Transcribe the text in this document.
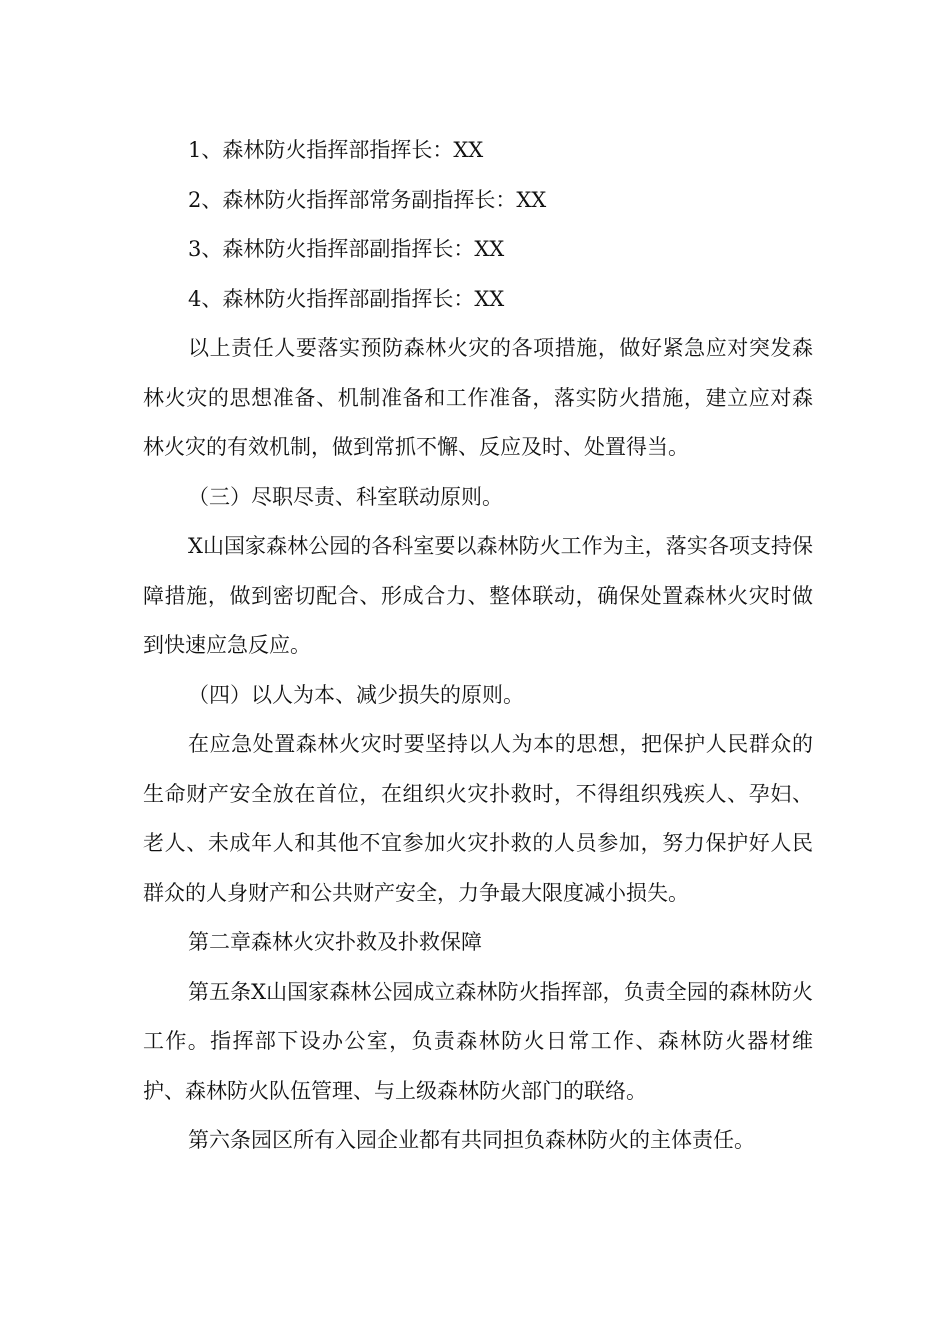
1、森林防火指挥部指挥长：XX

2、森林防火指挥部常务副指挥长：XX

3、森林防火指挥部副指挥长：XX

4、森林防火指挥部副指挥长：XX

以上责任人要落实预防森林火灾的各项措施，做好紧急应对突发森林火灾的思想准备、机制准备和工作准备，落实防火措施，建立应对森林火灾的有效机制，做到常抓不懈、反应及时、处置得当。

（三）尽职尽责、科室联动原则。

X山国家森林公园的各科室要以森林防火工作为主，落实各项支持保障措施，做到密切配合、形成合力、整体联动，确保处置森林火灾时做到快速应急反应。

（四）以人为本、减少损失的原则。

在应急处置森林火灾时要坚持以人为本的思想，把保护人民群众的生命财产安全放在首位，在组织火灾扑救时，不得组织残疾人、孕妇、老人、未成年人和其他不宜参加火灾扑救的人员参加，努力保护好人民群众的人身财产和公共财产安全，力争最大限度减小损失。

第二章森林火灾扑救及扑救保障

第五条X山国家森林公园成立森林防火指挥部，负责全园的森林防火工作。指挥部下设办公室，负责森林防火日常工作、森林防火器材维护、森林防火队伍管理、与上级森林防火部门的联络。

第六条园区所有入园企业都有共同担负森林防火的主体责任。
